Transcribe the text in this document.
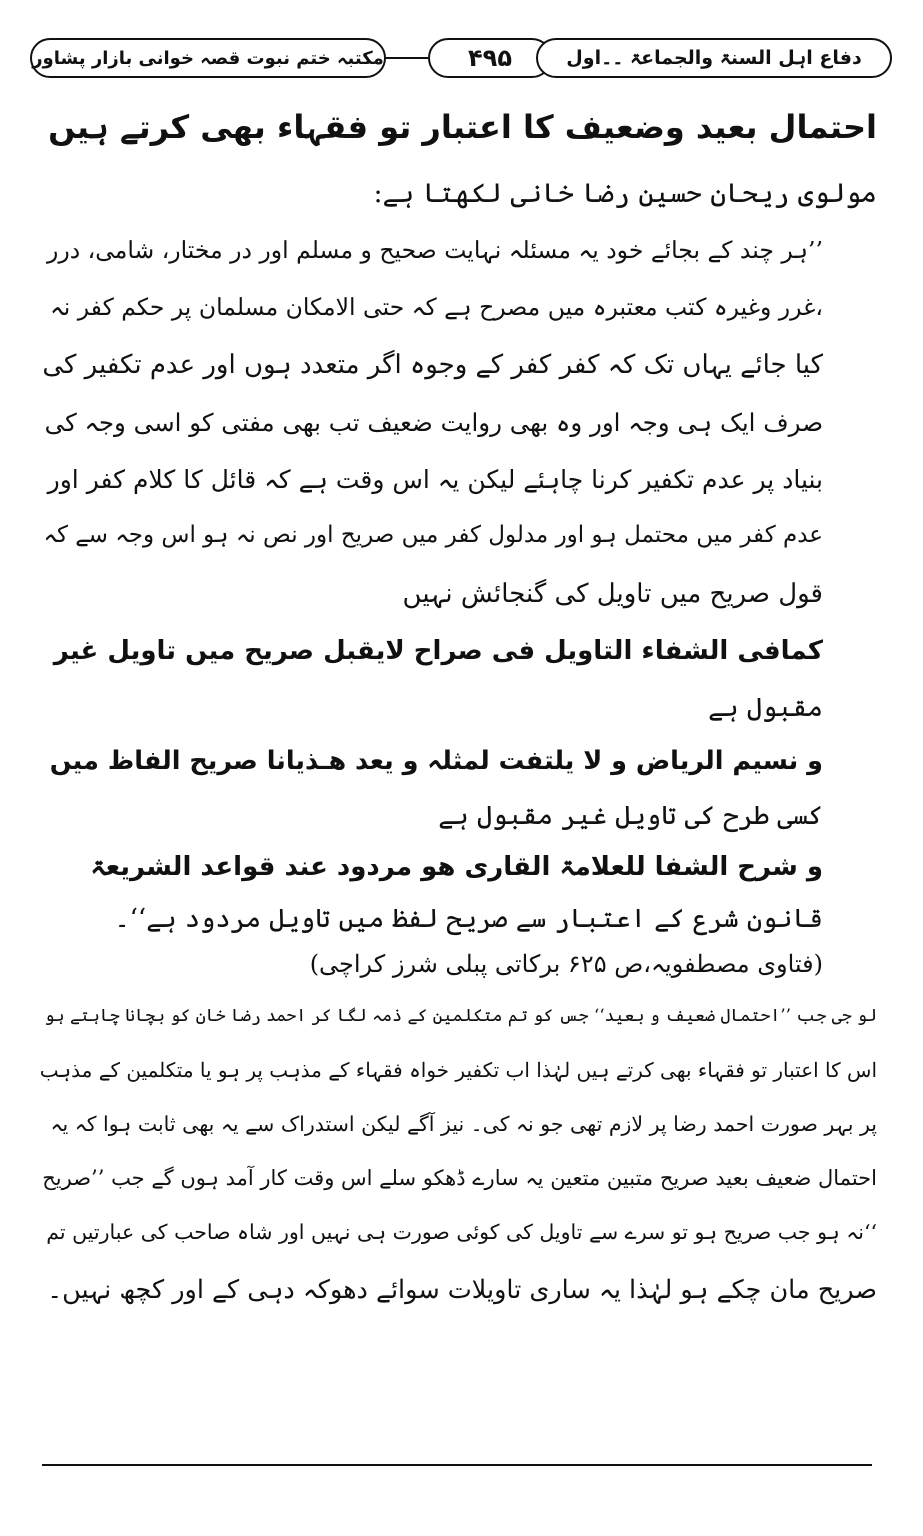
مکتبہ ختم نبوت قصہ خوانی بازار پشاور	۴۹۵	دفاع اہل السنۃ والجماعۃ ۔۔اول
احتمال بعید وضعیف کا اعتبار تو فقہاء بھی کرتے ہیں
مولوی ریحان حسین رضا خانی لکھتا ہے:
’’ہر چند کے بجائے خود یہ مسئلہ نہایت صحیح و مسلم اور در مختار، شامی، درر
،غرر وغیرہ کتب معتبرہ میں مصرح ہے کہ حتی الامکان مسلمان پر حکم کفر نہ
کیا جائے یہاں تک کہ کفر کفر کے وجوہ اگر متعدد ہوں اور عدم تکفیر کی
صرف ایک ہی وجہ اور وہ بھی روایت ضعیف تب بھی مفتی کو اسی وجہ کی
بنیاد پر عدم تکفیر کرنا چاہئے لیکن یہ اس وقت ہے کہ قائل کا کلام کفر اور
عدم کفر میں محتمل ہو اور مدلول کفر میں صریح اور نص نہ ہو اس وجہ سے کہ
قول صریح میں تاویل کی گنجائش نہیں
کمافی الشفاء التاویل فی صراح لایقبل صریح میں تاویل غیر
مقبول ہے
و نسیم الریاض و لا یلتفت لمثلہ و یعد ھـذیانا صریح الفاظ میں
کسی طرح کی تاویل غیر مقبول ہے
و شرح الشفا للعلامۃ القاری ھو مردود عند قواعد الشریعۃ
قانون شرع کے اعتبار سے صریح لفظ میں تاویل مردود ہے‘‘۔
(فتاوی مصطفویہ،ص ۶۲۵ برکاتی پبلی شرز کراچی)
لو جی جب ’’احتمال ضعیف و بعید‘‘ جس کو تم متکلمین کے ذمہ لگا کر احمد رضا خان کو بچانا چاہتے ہو
اس کا اعتبار تو فقہاء بھی کرتے ہیں لہٰذا اب تکفیر خواہ فقہاء کے مذہب پر ہو یا متکلمین کے مذہب
پر بہر صورت احمد رضا پر لازم تھی جو نہ کی۔ نیز آگے لیکن استدراک سے یہ بھی ثابت ہوا کہ یہ
احتمال ضعیف بعید صریح متبین متعین یہ سارے ڈھکو سلے اس وقت کار آمد ہوں گے جب ’’صریح
‘‘نہ ہو جب صریح ہو تو سرے سے تاویل کی کوئی صورت ہی نہیں اور شاہ صاحب کی عبارتیں تم
صریح مان چکے ہو لہٰذا یہ ساری تاویلات سوائے دھوکہ دہی کے اور کچھ نہیں۔
